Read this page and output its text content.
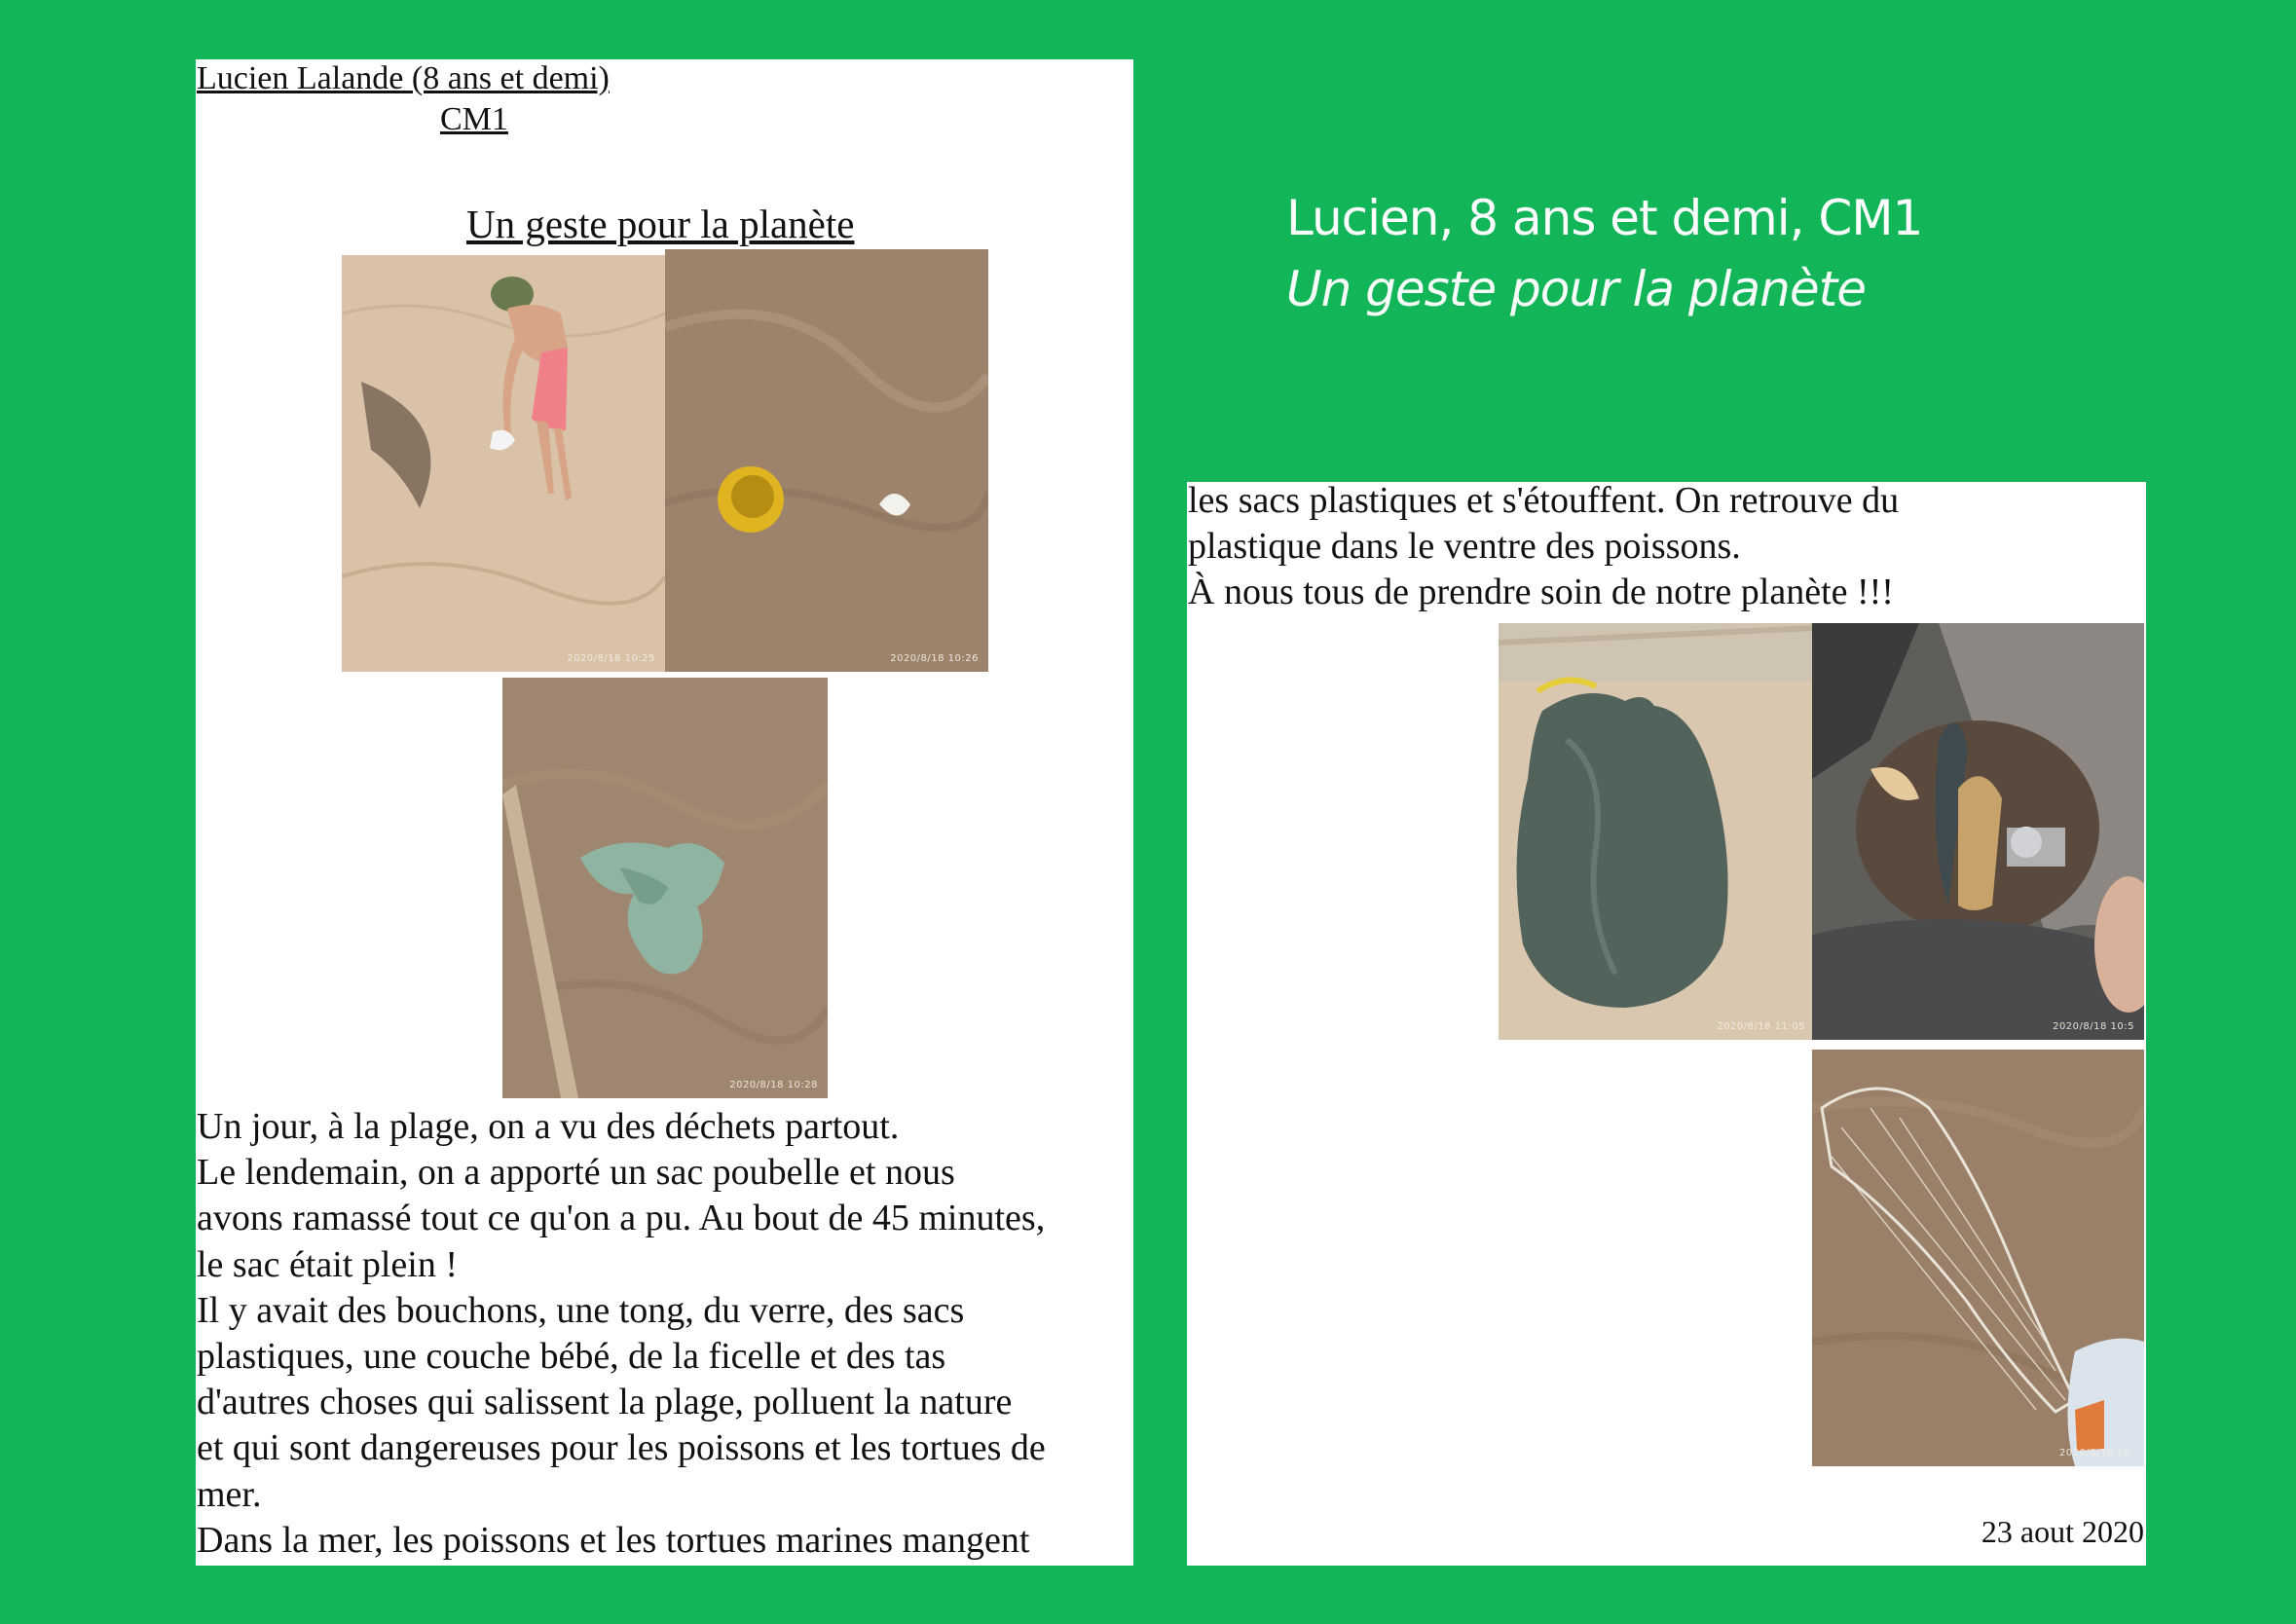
Lucien Lalande (8 ans et demi)
CM1
Un geste pour la planète
2020/8/18 10:25	2020/8/18 10:26
2020/8/18 10:28

Un jour, à la plage, on a vu des déchets partout.
Le lendemain, on a apporté un sac poubelle et nous
avons ramassé tout ce qu'on a pu. Au bout de 45 minutes,
le sac était plein !
Il y avait des bouchons, une tong, du verre, des sacs
plastiques, une couche bébé, de la ficelle et des tas
d'autres choses qui salissent la plage, polluent la nature
et qui sont dangereuses pour les poissons et les tortues de
mer.
Dans la mer, les poissons et les tortues marines mangent

Lucien, 8 ans et demi, CM1
Un geste pour la planète

les sacs plastiques et s'étouffent. On retrouve du
plastique dans le ventre des poissons.
À nous tous de prendre soin de notre planète !!!

2020/8/18 11:05	2020/8/18 10:5
2020/8/18 10:
23 aout 2020
